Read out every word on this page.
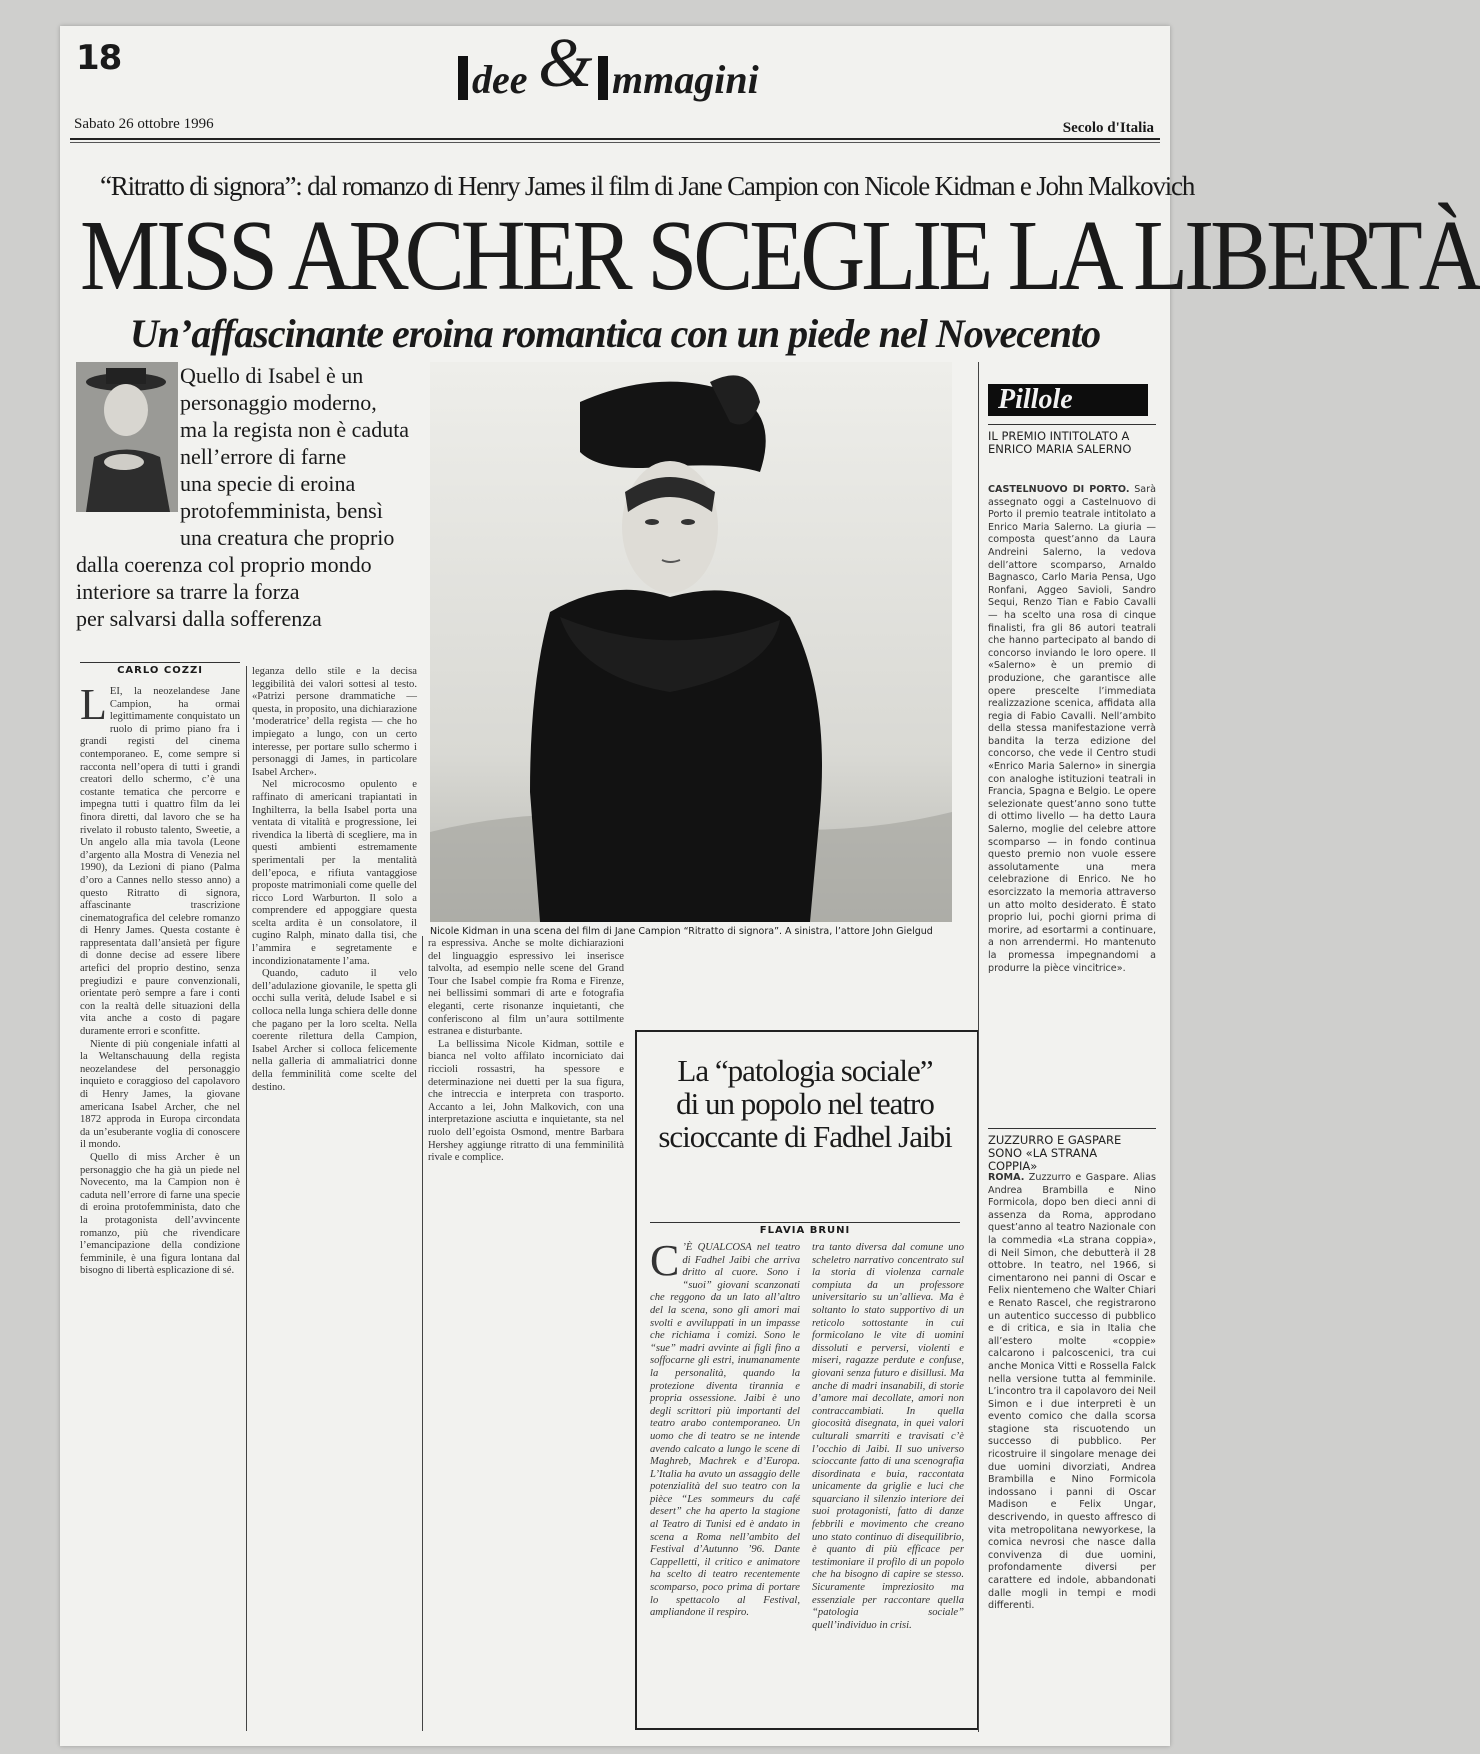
18	dee & mmagini
Sabato 26 ottobre 1996	Secolo d'Italia
“Ritratto di signora”: dal romanzo di Henry James il film di Jane Campion con Nicole Kidman e John Malkovich
MISS ARCHER SCEGLIE LA LIBERTÀ
Un’affascinante eroina romantica con un piede nel Novecento
Quello di Isabel è un
personaggio moderno,
ma la regista non è caduta
nell’errore di farne
una specie di eroina
protofemminista, bensì
una creatura che proprio
dalla coerenza col proprio mondo
interiore sa trarre la forza
per salvarsi dalla sofferenza
Nicole Kidman in una scena del film di Jane Campion “Ritratto di signora”. A sinistra, l’attore John Gielgud
CARLO COZZI
L EI, la neozelandese Jane Campion, ha ormai legittimamente conquistato un ruolo di primo piano fra i grandi registi del cinema contemporaneo. E, come sempre si racconta nell’opera di tutti i grandi creatori dello schermo, c’è una costante tematica che percorre e impegna tutti i quattro film da lei finora diretti, dal lavoro che se ha rivelato il robusto talento, Sweetie, a Un angelo alla mia tavola (Leone d’argento alla Mostra di Venezia nel 1990), da Lezioni di piano (Palma d’oro a Cannes nello stesso anno) a questo Ritratto di signora, affascinante trascrizione cinematografica del celebre romanzo di Henry James. Questa costante è rappresentata dall’ansietà per figure di donne decise ad essere libere artefici del proprio destino, senza pregiudizi e paure convenzionali, orientate però sempre a fare i conti con la realtà delle situazioni della vita anche a costo di pagare duramente errori e sconfitte.

Niente di più congeniale infatti al la Weltanschauung della regista neozelandese del personaggio inquieto e coraggioso del capolavoro di Henry James, la giovane americana Isabel Archer, che nel 1872 approda in Europa circondata da un’esuberante voglia di conoscere il mondo.

Quello di miss Archer è un personaggio che ha già un piede nel Novecento, ma la Campion non è caduta nell’errore di farne una specie di eroina protofemminista, dato che la protagonista dell’avvincente romanzo, più che rivendicare l’emancipazione della condizione femminile, è una figura lontana dal bisogno di libertà esplicazione di sé.

leganza dello stile e la decisa leggibilità dei valori sottesi al testo. «Patrizi persone drammatiche — questa, in proposito, una dichiarazione ‘moderatrice’ della regista — che ho impiegato a lungo, con un certo interesse, per portare sullo schermo i personaggi di James, in particolare Isabel Archer».

Nel microcosmo opulento e raffinato di americani trapiantati in Inghilterra, la bella Isabel porta una ventata di vitalità e progressione, lei rivendica la libertà di scegliere, ma in questi ambienti estremamente sperimentali per la mentalità dell’epoca, e rifiuta vantaggiose proposte matrimoniali come quelle del ricco Lord Warburton. Il solo a comprendere ed appoggiare questa scelta ardita è un consolatore, il cugino Ralph, minato dalla tisi, che l’ammira e segretamente e incondizionatamente l’ama.

Quando, caduto il velo dell’adulazione giovanile, le spetta gli occhi sulla verità, delude Isabel e si colloca nella lunga schiera delle donne che pagano per la loro scelta. Nella coerente rilettura della Campion, Isabel Archer si colloca felicemente nella galleria di ammaliatrici donne della femminilità come scelte del destino.

ra espressiva. Anche se molte dichiarazioni del linguaggio espressivo lei inserisce talvolta, ad esempio nelle scene del Grand Tour che Isabel compie fra Roma e Firenze, nei bellissimi sommari di arte e fotografia eleganti, certe risonanze inquietanti, che conferiscono al film un’aura sottilmente estranea e disturbante.

La bellissima Nicole Kidman, sottile e bianca nel volto affilato incorniciato dai riccioli rossastri, ha spessore e determinazione nei duetti per la sua figura, che intreccia e interpreta con trasporto. Accanto a lei, John Malkovich, con una interpretazione asciutta e inquietante, sta nel ruolo dell’egoista Osmond, mentre Barbara Hershey aggiunge ritratto di una femminilità rivale e complice.

La “patologia sociale”
di un popolo nel teatro
scioccante di Fadhel Jaibi
FLAVIA BRUNI
C ’È QUALCOSA nel teatro di Fadhel Jaibi che arriva dritto al cuore. Sono i “suoi” giovani scanzonati che reggono da un lato all’altro del la scena, sono gli amori mai svolti e avviluppati in un impasse che richiama i comizi. Sono le “sue” madri avvinte ai figli fino a soffocarne gli estri, inumanamente la personalità, quando la protezione diventa tirannia e propria ossessione. Jaibi è uno degli scrittori più importanti del teatro arabo contemporaneo. Un uomo che di teatro se ne intende avendo calcato a lungo le scene di Maghreb, Machrek e d’Europa. L’Italia ha avuto un assaggio delle potenzialità del suo teatro con la pièce “Les sommeurs du café desert” che ha aperto la stagione al Teatro di Tunisi ed è andato in scena a Roma nell’ambito del Festival d’Autunno ’96. Dante Cappelletti, il critico e animatore ha scelto di teatro recentemente scomparso, poco prima di portare lo spettacolo al Festival, ampliandone il respiro.

tra tanto diversa dal comune uno scheletro narrativo concentrato sul la storia di violenza carnale compiuta da un professore universitario su un’allieva. Ma è soltanto lo stato supportivo di un reticolo sottostante in cui formicolano le vite di uomini dissoluti e perversi, violenti e miseri, ragazze perdute e confuse, giovani senza futuro e disillusi. Ma anche di madri insanabili, di storie d’amore mai decollate, amori non contraccambiati. In quella giocosità disegnata, in quei valori culturali smarriti e travisati c’è l’occhio di Jaibi. Il suo universo scioccante fatto di una scenografia disordinata e buia, raccontata unicamente da griglie e luci che squarciano il silenzio interiore dei suoi protagonisti, fatto di danze febbrili e movimento che creano uno stato continuo di disequilibrio, è quanto di più efficace per testimoniare il profilo di un popolo che ha bisogno di capire se stesso. Sicuramente impreziosito ma essenziale per raccontare quella “patologia sociale” quell’individuo in crisi.

Pillole
IL PREMIO INTITOLATO A ENRICO MARIA SALERNO
CASTELNUOVO DI PORTO. Sarà assegnato oggi a Castelnuovo di Porto il premio teatrale intitolato a Enrico Maria Salerno. La giuria — composta quest’anno da Laura Andreini Salerno, la vedova dell’attore scomparso, Arnaldo Bagnasco, Carlo Maria Pensa, Ugo Ronfani, Aggeo Savioli, Sandro Sequi, Renzo Tian e Fabio Cavalli — ha scelto una rosa di cinque finalisti, fra gli 86 autori teatrali che hanno partecipato al bando di concorso inviando le loro opere. Il «Salerno» è un premio di produzione, che garantisce alle opere prescelte l’immediata realizzazione scenica, affidata alla regia di Fabio Cavalli. Nell’ambito della stessa manifestazione verrà bandita la terza edizione del concorso, che vede il Centro studi «Enrico Maria Salerno» in sinergia con analoghe istituzioni teatrali in Francia, Spagna e Belgio. Le opere selezionate quest’anno sono tutte di ottimo livello — ha detto Laura Salerno, moglie del celebre attore scomparso — in fondo continua questo premio non vuole essere assolutamente una mera celebrazione di Enrico. Ne ho esorcizzato la memoria attraverso un atto molto desiderato. È stato proprio lui, pochi giorni prima di morire, ad esortarmi a continuare, a non arrendermi. Ho mantenuto la promessa impegnandomi a produrre la pièce vincitrice».
ZUZZURRO E GASPARE SONO «LA STRANA COPPIA»
ROMA. Zuzzurro e Gaspare. Alias Andrea Brambilla e Nino Formicola, dopo ben dieci anni di assenza da Roma, approdano quest’anno al teatro Nazionale con la commedia «La strana coppia», di Neil Simon, che debutterà il 28 ottobre. In teatro, nel 1966, si cimentarono nei panni di Oscar e Felix nientemeno che Walter Chiari e Renato Rascel, che registrarono un autentico successo di pubblico e di critica, e sia in Italia che all’estero molte «coppie» calcarono i palcoscenici, tra cui anche Monica Vitti e Rossella Falck nella versione tutta al femminile. L’incontro tra il capolavoro dei Neil Simon e i due interpreti è un evento comico che dalla scorsa stagione sta riscuotendo un successo di pubblico. Per ricostruire il singolare menage dei due uomini divorziati, Andrea Brambilla e Nino Formicola indossano i panni di Oscar Madison e Felix Ungar, descrivendo, in questo affresco di vita metropolitana newyorkese, la comica nevrosi che nasce dalla convivenza di due uomini, profondamente diversi per carattere ed indole, abbandonati dalle mogli in tempi e modi differenti.
